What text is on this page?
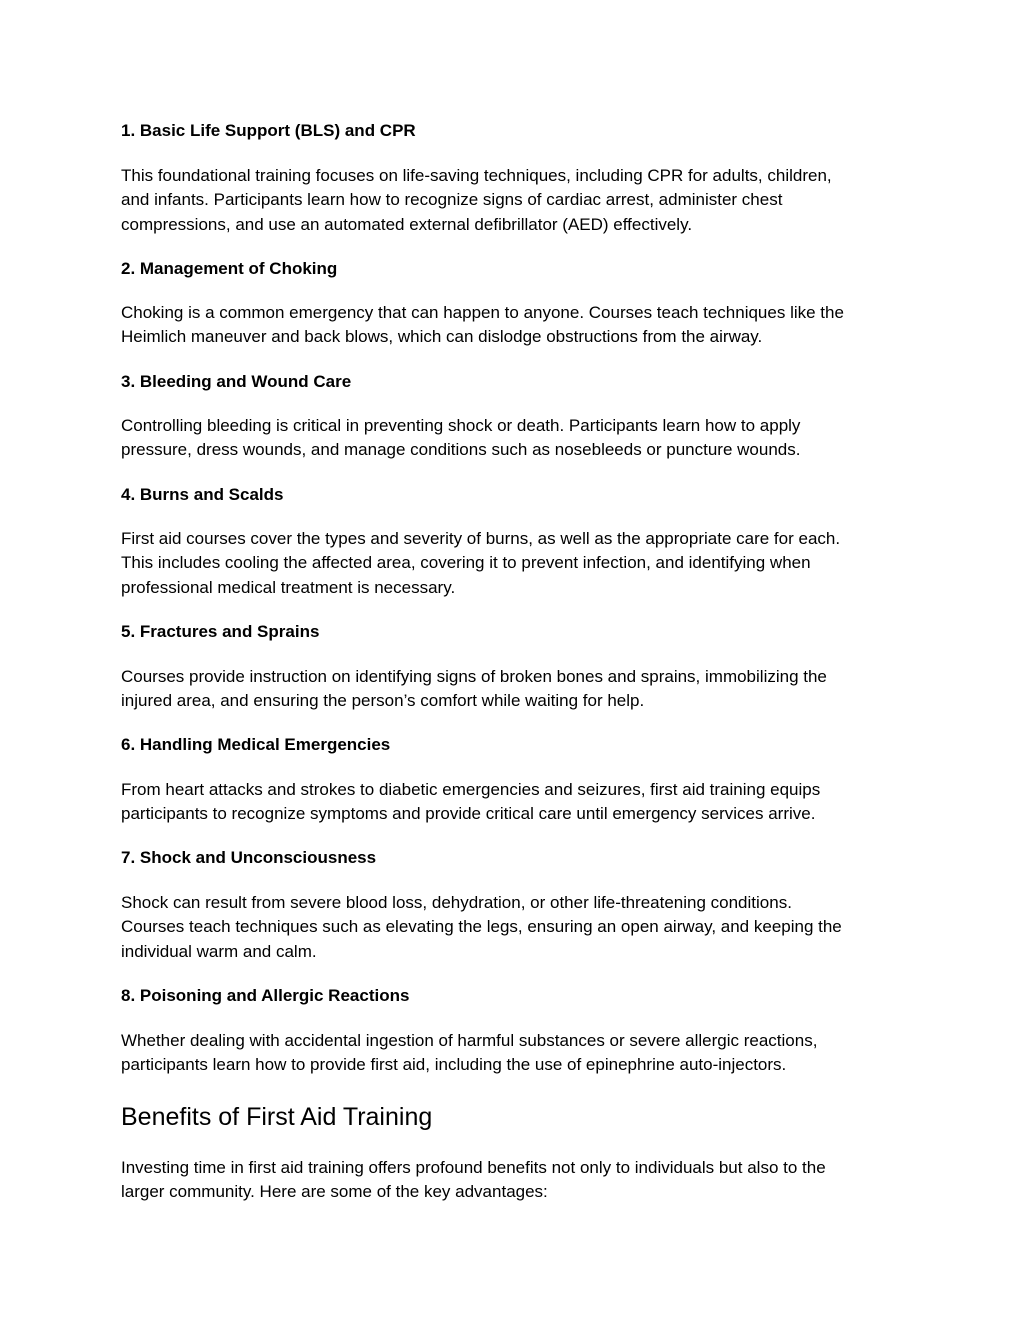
1. Basic Life Support (BLS) and CPR

This foundational training focuses on life-saving techniques, including CPR for adults, children,
and infants. Participants learn how to recognize signs of cardiac arrest, administer chest
compressions, and use an automated external defibrillator (AED) effectively.

2. Management of Choking

Choking is a common emergency that can happen to anyone. Courses teach techniques like the
Heimlich maneuver and back blows, which can dislodge obstructions from the airway.

3. Bleeding and Wound Care

Controlling bleeding is critical in preventing shock or death. Participants learn how to apply
pressure, dress wounds, and manage conditions such as nosebleeds or puncture wounds.

4. Burns and Scalds

First aid courses cover the types and severity of burns, as well as the appropriate care for each.
This includes cooling the affected area, covering it to prevent infection, and identifying when
professional medical treatment is necessary.

5. Fractures and Sprains

Courses provide instruction on identifying signs of broken bones and sprains, immobilizing the
injured area, and ensuring the person’s comfort while waiting for help.

6. Handling Medical Emergencies

From heart attacks and strokes to diabetic emergencies and seizures, first aid training equips
participants to recognize symptoms and provide critical care until emergency services arrive.

7. Shock and Unconsciousness

Shock can result from severe blood loss, dehydration, or other life-threatening conditions.
Courses teach techniques such as elevating the legs, ensuring an open airway, and keeping the
individual warm and calm.

8. Poisoning and Allergic Reactions

Whether dealing with accidental ingestion of harmful substances or severe allergic reactions,
participants learn how to provide first aid, including the use of epinephrine auto-injectors.

Benefits of First Aid Training

Investing time in first aid training offers profound benefits not only to individuals but also to the
larger community. Here are some of the key advantages:
